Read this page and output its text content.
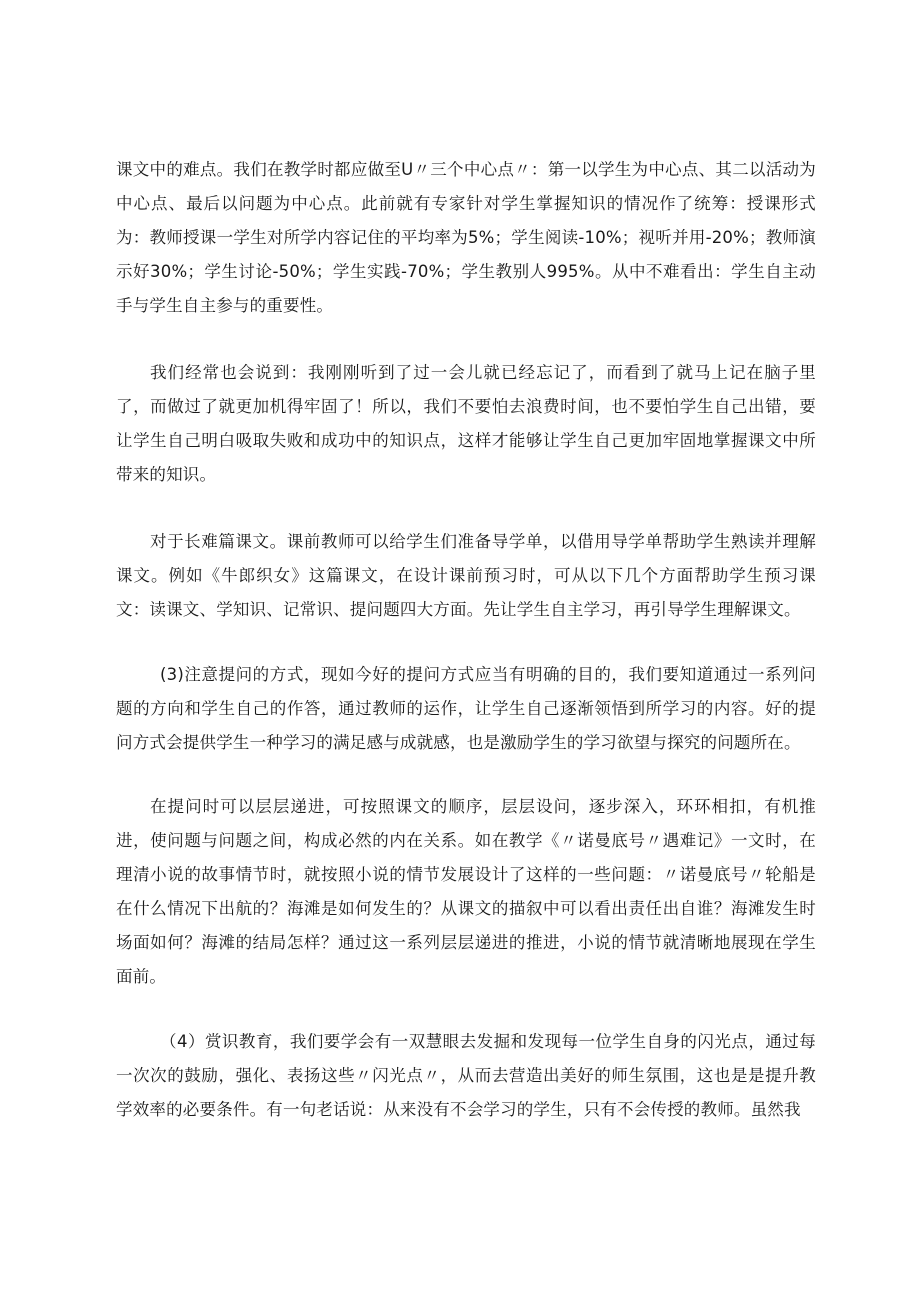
课文中的难点。我们在教学时都应做至U〃三个中心点〃：第一以学生为中心点、其二以活动为中心点、最后以问题为中心点。此前就有专家针对学生掌握知识的情况作了统筹：授课形式为：教师授课一学生对所学内容记住的平均率为5%；学生阅读-10%；视听并用-20%；教师演示好30%；学生讨论-50%；学生实践-70%；学生教别人995%。从中不难看出：学生自主动手与学生自主参与的重要性。

我们经常也会说到：我刚刚听到了过一会儿就已经忘记了，而看到了就马上记在脑子里了，而做过了就更加机得牢固了！所以，我们不要怕去浪费时间，也不要怕学生自己出错，要让学生自己明白吸取失败和成功中的知识点，这样才能够让学生自己更加牢固地掌握课文中所带来的知识。

对于长难篇课文。课前教师可以给学生们准备导学单，以借用导学单帮助学生熟读并理解课文。例如《牛郎织女》这篇课文，在设计课前预习时，可从以下几个方面帮助学生预习课文：读课文、学知识、记常识、提问题四大方面。先让学生自主学习，再引导学生理解课文。

(3)注意提问的方式，现如今好的提问方式应当有明确的目的，我们要知道通过一系列问题的方向和学生自己的作答，通过教师的运作，让学生自己逐渐领悟到所学习的内容。好的提问方式会提供学生一种学习的满足感与成就感，也是激励学生的学习欲望与探究的问题所在。

在提问时可以层层递进，可按照课文的顺序，层层设问，逐步深入，环环相扣，有机推进，使问题与问题之间，构成必然的内在关系。如在教学《〃诺曼底号〃遇难记》一文时，在理清小说的故事情节时，就按照小说的情节发展设计了这样的一些问题：〃诺曼底号〃轮船是在什么情况下出航的？海滩是如何发生的？从课文的描叙中可以看出责任出自谁？海滩发生时场面如何？海滩的结局怎样？通过这一系列层层递进的推进，小说的情节就清晰地展现在学生面前。

（4）赏识教育，我们要学会有一双慧眼去发掘和发现每一位学生自身的闪光点，通过每一次次的鼓励，强化、表扬这些〃闪光点〃，从而去营造出美好的师生氛围，这也是是提升教学效率的必要条件。有一句老话说：从来没有不会学习的学生，只有不会传授的教师。虽然我
